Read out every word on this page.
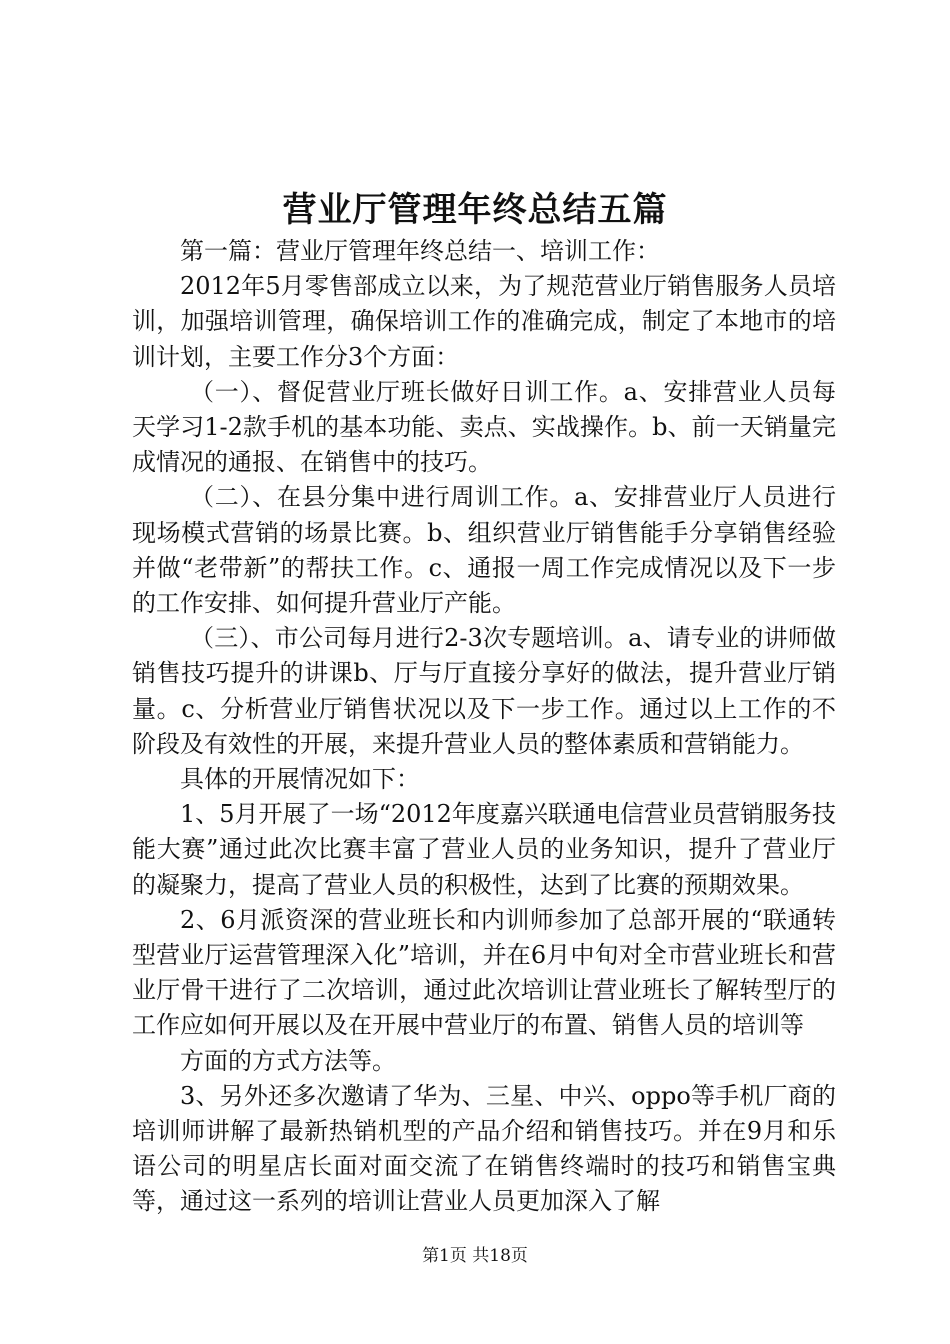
营业厅管理年终总结五篇

第一篇：营业厅管理年终总结一、培训工作：

2012年5月零售部成立以来，为了规范营业厅销售服务人员培训，加强培训管理，确保培训工作的准确完成，制定了本地市的培训计划，主要工作分3个方面：

（一）、督促营业厅班长做好日训工作。a、安排营业人员每天学习1-2款手机的基本功能、卖点、实战操作。b、前一天销量完成情况的通报、在销售中的技巧。

（二）、在县分集中进行周训工作。a、安排营业厅人员进行现场模式营销的场景比赛。b、组织营业厅销售能手分享销售经验并做“老带新”的帮扶工作。c、通报一周工作完成情况以及下一步的工作安排、如何提升营业厅产能。

（三）、市公司每月进行2-3次专题培训。a、请专业的讲师做销售技巧提升的讲课b、厅与厅直接分享好的做法，提升营业厅销量。c、分析营业厅销售状况以及下一步工作。通过以上工作的不阶段及有效性的开展，来提升营业人员的整体素质和营销能力。

具体的开展情况如下：

1、5月开展了一场“2012年度嘉兴联通电信营业员营销服务技能大赛”通过此次比赛丰富了营业人员的业务知识，提升了营业厅的凝聚力，提高了营业人员的积极性，达到了比赛的预期效果。

2、6月派资深的营业班长和内训师参加了总部开展的“联通转型营业厅运营管理深入化”培训，并在6月中旬对全市营业班长和营业厅骨干进行了二次培训，通过此次培训让营业班长了解转型厅的工作应如何开展以及在开展中营业厅的布置、销售人员的培训等

方面的方式方法等。

3、另外还多次邀请了华为、三星、中兴、oppo等手机厂商的培训师讲解了最新热销机型的产品介绍和销售技巧。并在9月和乐语公司的明星店长面对面交流了在销售终端时的技巧和销售宝典等，通过这一系列的培训让营业人员更加深入了解

第1页 共18页
